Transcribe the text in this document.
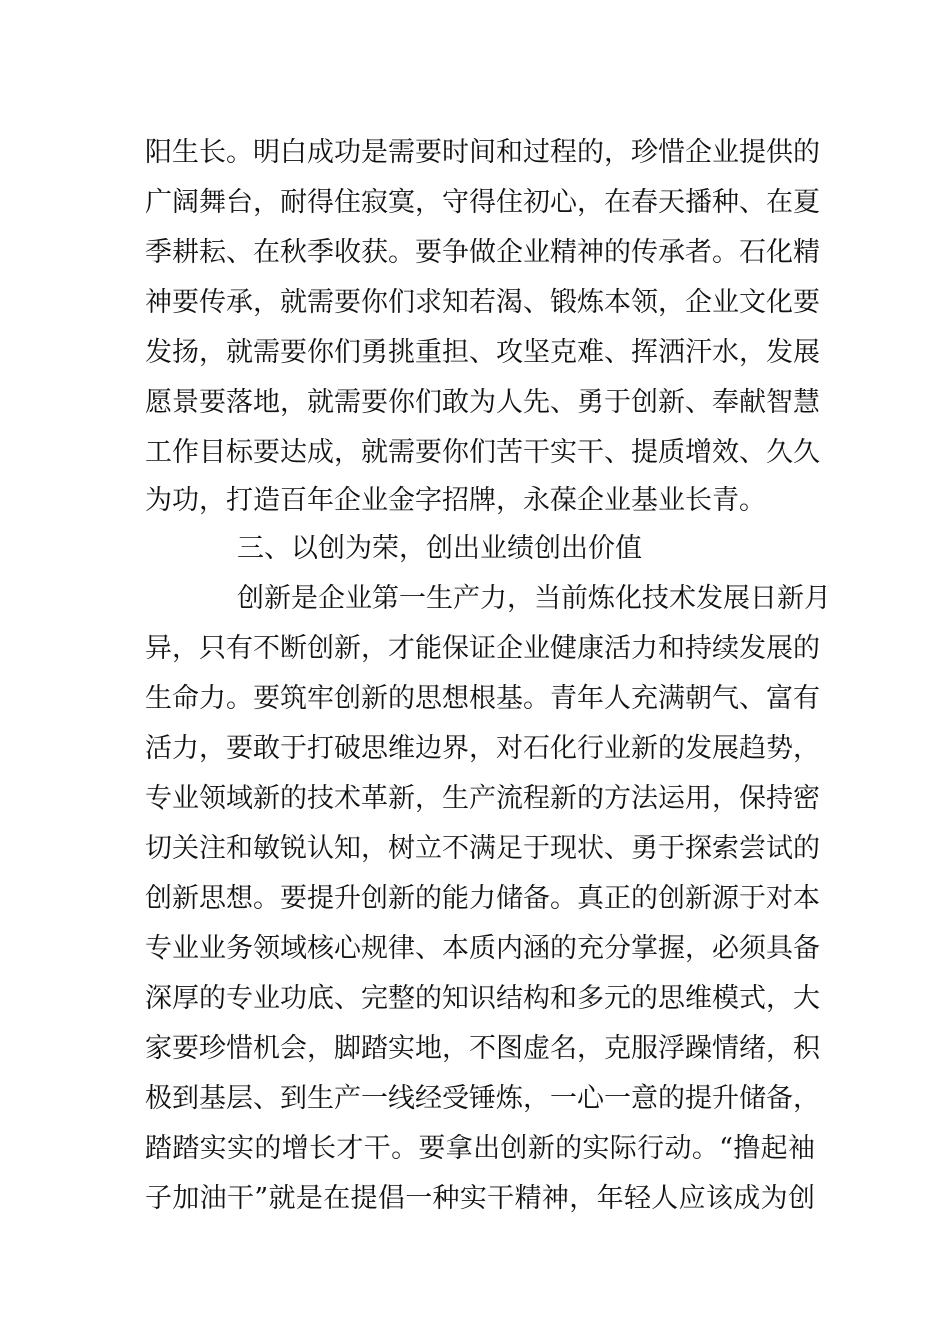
阳生长。明白成功是需要时间和过程的，珍惜企业提供的
广阔舞台，耐得住寂寞，守得住初心，在春天播种、在夏
季耕耘、在秋季收获。要争做企业精神的传承者。石化精
神要传承，就需要你们求知若渴、锻炼本领，企业文化要
发扬，就需要你们勇挑重担、攻坚克难、挥洒汗水，发展
愿景要落地，就需要你们敢为人先、勇于创新、奉献智慧
工作目标要达成，就需要你们苦干实干、提质增效、久久
为功，打造百年企业金字招牌，永葆企业基业长青。
三、以创为荣，创出业绩创出价值
创新是企业第一生产力，当前炼化技术发展日新月
异，只有不断创新，才能保证企业健康活力和持续发展的
生命力。要筑牢创新的思想根基。青年人充满朝气、富有
活力，要敢于打破思维边界，对石化行业新的发展趋势，
专业领域新的技术革新，生产流程新的方法运用，保持密
切关注和敏锐认知，树立不满足于现状、勇于探索尝试的
创新思想。要提升创新的能力储备。真正的创新源于对本
专业业务领域核心规律、本质内涵的充分掌握，必须具备
深厚的专业功底、完整的知识结构和多元的思维模式，大
家要珍惜机会，脚踏实地，不图虚名，克服浮躁情绪，积
极到基层、到生产一线经受锤炼，一心一意的提升储备，
踏踏实实的增长才干。要拿出创新的实际行动。“撸起袖
子加油干”就是在提倡一种实干精神，年轻人应该成为创
